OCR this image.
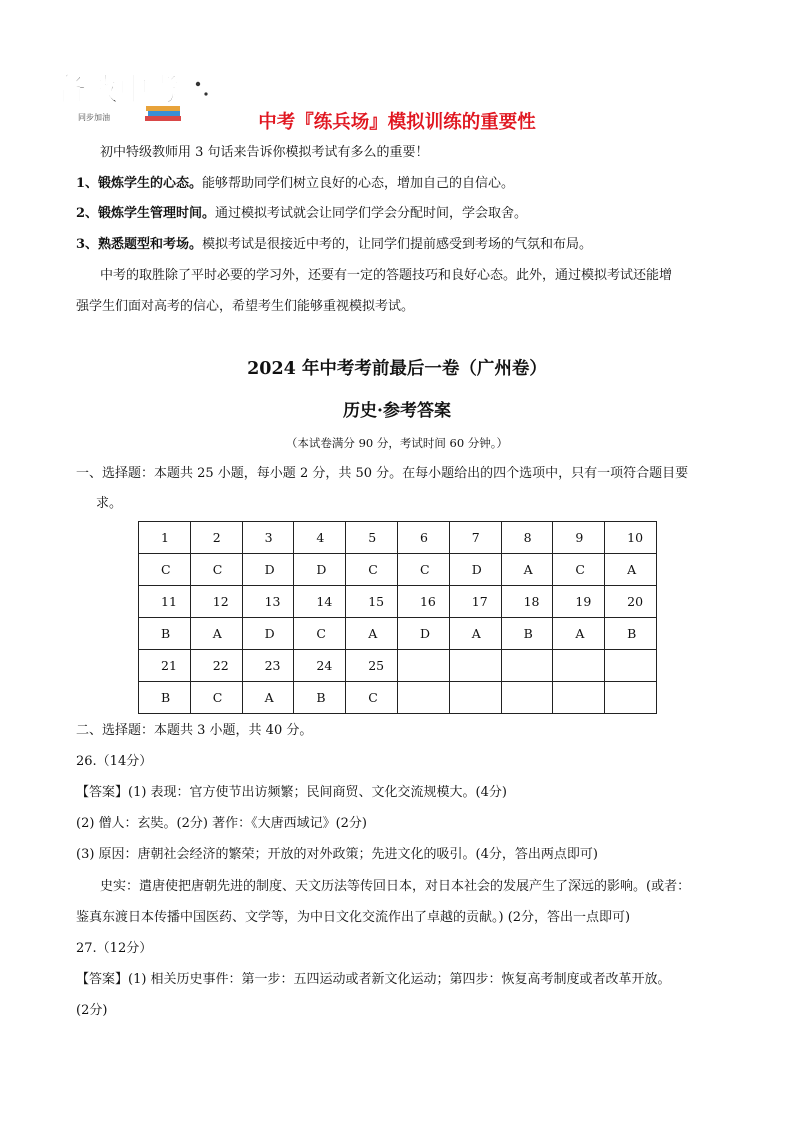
备战中考
同步加油	中考『练兵场』模拟训练的重要性
初中特级教师用 3 句话来告诉你模拟考试有多么的重要！
1、锻炼学生的心态。能够帮助同学们树立良好的心态，增加自己的自信心。
2、锻炼学生管理时间。通过模拟考试就会让同学们学会分配时间，学会取舍。
3、熟悉题型和考场。模拟考试是很接近中考的，让同学们提前感受到考场的气氛和布局。
中考的取胜除了平时必要的学习外，还要有一定的答题技巧和良好心态。此外，通过模拟考试还能增
强学生们面对高考的信心，希望考生们能够重视模拟考试。
2024 年中考考前最后一卷（广州卷）
历史·参考答案
（本试卷满分 90 分，考试时间 60 分钟。）
一、选择题：本题共 25 小题，每小题 2 分，共 50 分。在每小题给出的四个选项中，只有一项符合题目要
求。
1	2	3	4	5	6	7	8	9	10
C	C	D	D	C	C	D	A	C	A
11	12	13	14	15	16	17	18	19	20
B	A	D	C	A	D	A	B	A	B
21	22	23	24	25					
B	C	A	B	C					
二、选择题：本题共 3 小题，共 40 分。
26.（14分）
【答案】(1) 表现：官方使节出访频繁；民间商贸、文化交流规模大。(4分)
(2) 僧人：玄奘。(2分) 著作：《大唐西域记》(2分)
(3) 原因：唐朝社会经济的繁荣；开放的对外政策；先进文化的吸引。(4分，答出两点即可)
史实：遣唐使把唐朝先进的制度、天文历法等传回日本，对日本社会的发展产生了深远的影响。(或者：
鉴真东渡日本传播中国医药、文学等，为中日文化交流作出了卓越的贡献。) (2分，答出一点即可)
27.（12分）
【答案】(1) 相关历史事件：第一步：五四运动或者新文化运动；第四步：恢复高考制度或者改革开放。
(2分)
